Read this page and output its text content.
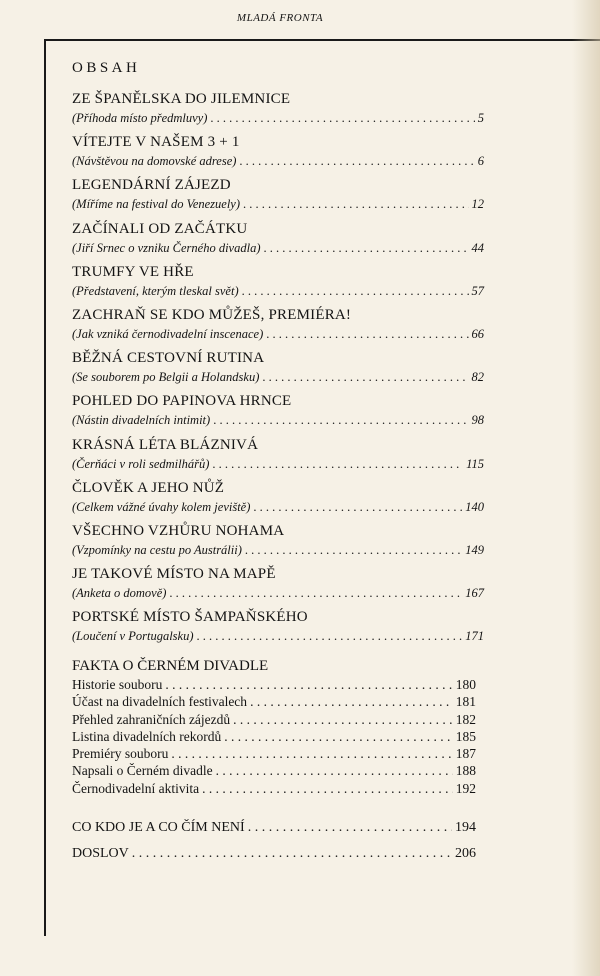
MLADÁ FRONTA
OBSAH
ZE ŠPANĚLSKA DO JILEMNICE
(Příhoda místo předmluvy) . . .	5
VÍTEJTE V NAŠEM 3 + 1
(Návštěvou na domovské adrese) . . .	6
LEGENDÁRNÍ ZÁJEZD
(Míříme na festival do Venezuely) . . .	12
ZAČÍNALI OD ZAČÁTKU
(Jiří Srnec o vzniku Černého divadla) . . .	44
TRUMFY VE HŘE
(Představení, kterým tleskal svět) . . .	57
ZACHRAŇ SE KDO MŮŽEŠ, PREMIÉRA!
(Jak vzniká černodivadelní inscenace) . . .	66
BĚŽNÁ CESTOVNÍ RUTINA
(Se souborem po Belgii a Holandsku) . . .	82
POHLED DO PAPINOVA HRNCE
(Nástin divadelních intimit) . . .	98
KRÁSNÁ LÉTA BLÁZNIVÁ
(Čerňáci v roli sedmilhářů) . . .	115
ČLOVĚK A JEHO NŮŽ
(Celkem vážné úvahy kolem jeviště) . . .	140
VŠECHNO VZHŮRU NOHAMA
(Vzpomínky na cestu po Austrálii) . . .	149
JE TAKOVÉ MÍSTO NA MAPĚ
(Anketa o domově) . . .	167
PORTSKÉ MÍSTO ŠAMPAŇSKÉHO
(Loučení v Portugalsku) . . .	171
FAKTA O ČERNÉM DIVADLE
Historie souboru . . .	180
Účast na divadelních festivalech . . .	181
Přehled zahraničních zájezdů . . .	182
Listina divadelních rekordů . . .	185
Premiéry souboru . . .	187
Napsali o Černém divadle . . .	188
Černodivadelní aktivita . . .	192
CO KDO JE A CO ČÍM NENÍ . . .	194
DOSLOV . . .	206
